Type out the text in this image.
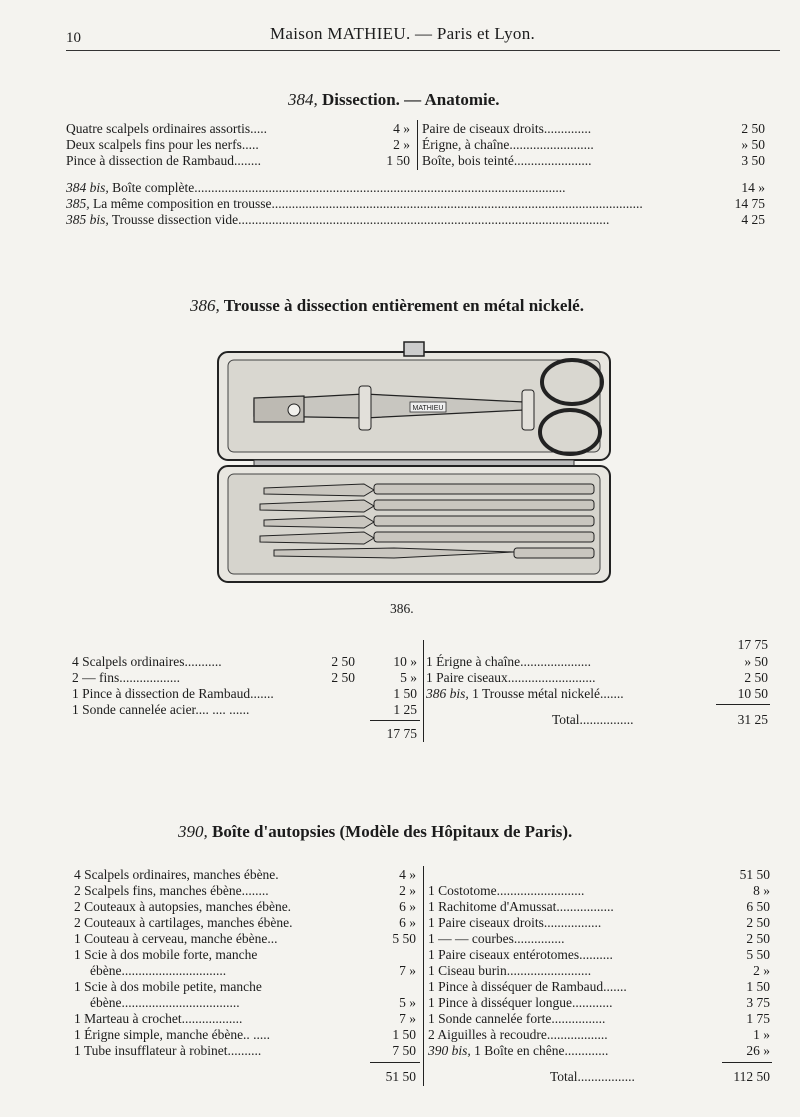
10	Maison MATHIEU. — Paris et Lyon.
384, Dissection. — Anatomie.
Quatre scalpels ordinaires assortis.....	4 »
Deux scalpels fins pour les nerfs.....	2 »
Pince à dissection de Rambaud........	1 50
Paire de ciseaux droits..............	2 50
Érigne, à chaîne.........................	» 50
Boîte, bois teinté.......................	3 50
384 bis, Boîte complète..............................................................................................................	14 »
385, La même composition en trousse..............................................................................................................	14 75
385 bis, Trousse dissection vide..............................................................................................................	4 25
386, Trousse à dissection entièrement en métal nickelé.
MATHIEU
386.
4 Scalpels ordinaires...........	2 50	10 »
2 — fins..................	2 50	5 »
1 Pince à dissection de Rambaud.......	1 50
1 Sonde cannelée acier.... .... ......	1 25
17 75
17 75
1 Érigne à chaîne.....................	» 50
1 Paire ciseaux..........................	2 50
386 bis, 1 Trousse métal nickelé.......	10 50
Total................	31 25
390, Boîte d'autopsies (Modèle des Hôpitaux de Paris).
4 Scalpels ordinaires, manches ébène.	4 »
2 Scalpels fins, manches ébène........	2 »
2 Couteaux à autopsies, manches ébène.	6 »
2 Couteaux à cartilages, manches ébène.	6 »
1 Couteau à cerveau, manche ébène...	5 50
1 Scie à dos mobile forte, manche
ébène...............................	7 »
1 Scie à dos mobile petite, manche
ébène...................................	5 »
1 Marteau à crochet..................	7 »
1 Érigne simple, manche ébène.. .....	1 50
1 Tube insufflateur à robinet..........	7 50
51 50
51 50
1 Costotome..........................	8 »
1 Rachitome d'Amussat.................	6 50
1 Paire ciseaux droits.................	2 50
1 — — courbes...............	2 50
1 Paire ciseaux entérotomes..........	5 50
1 Ciseau burin.........................	2 »
1 Pince à disséquer de Rambaud.......	1 50
1 Pince à disséquer longue............	3 75
1 Sonde cannelée forte................	1 75
2 Aiguilles à recoudre..................	1 »
390 bis, 1 Boîte en chêne.............	26 »
Total.................	112 50
